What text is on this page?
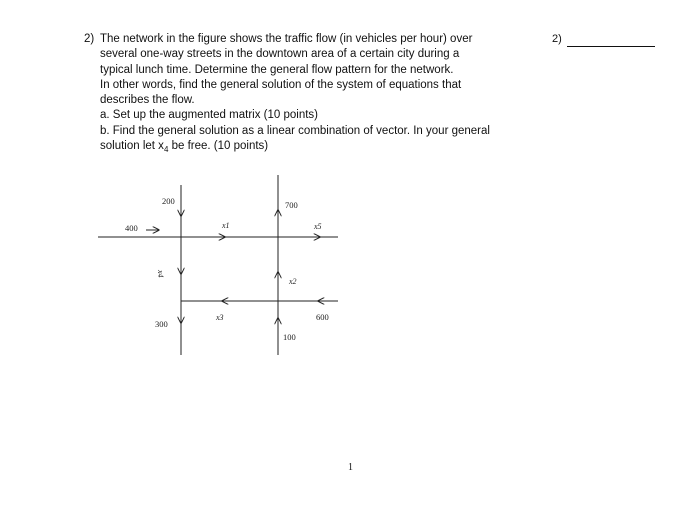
2) The network in the figure shows the traffic flow (in vehicles per hour) over
several one-way streets in the downtown area of a certain city during a
typical lunch time. Determine the general flow pattern for the network.
In other words, find the general solution of the system of equations that
describes the flow.
a. Set up the augmented matrix (10 points)
b. Find the general solution as a linear combination of vector. In your general
solution let $x_4$ be free. (10 points)
2)
200	700
400
300
600
100
x1	x5
x2
x3
x4
1
